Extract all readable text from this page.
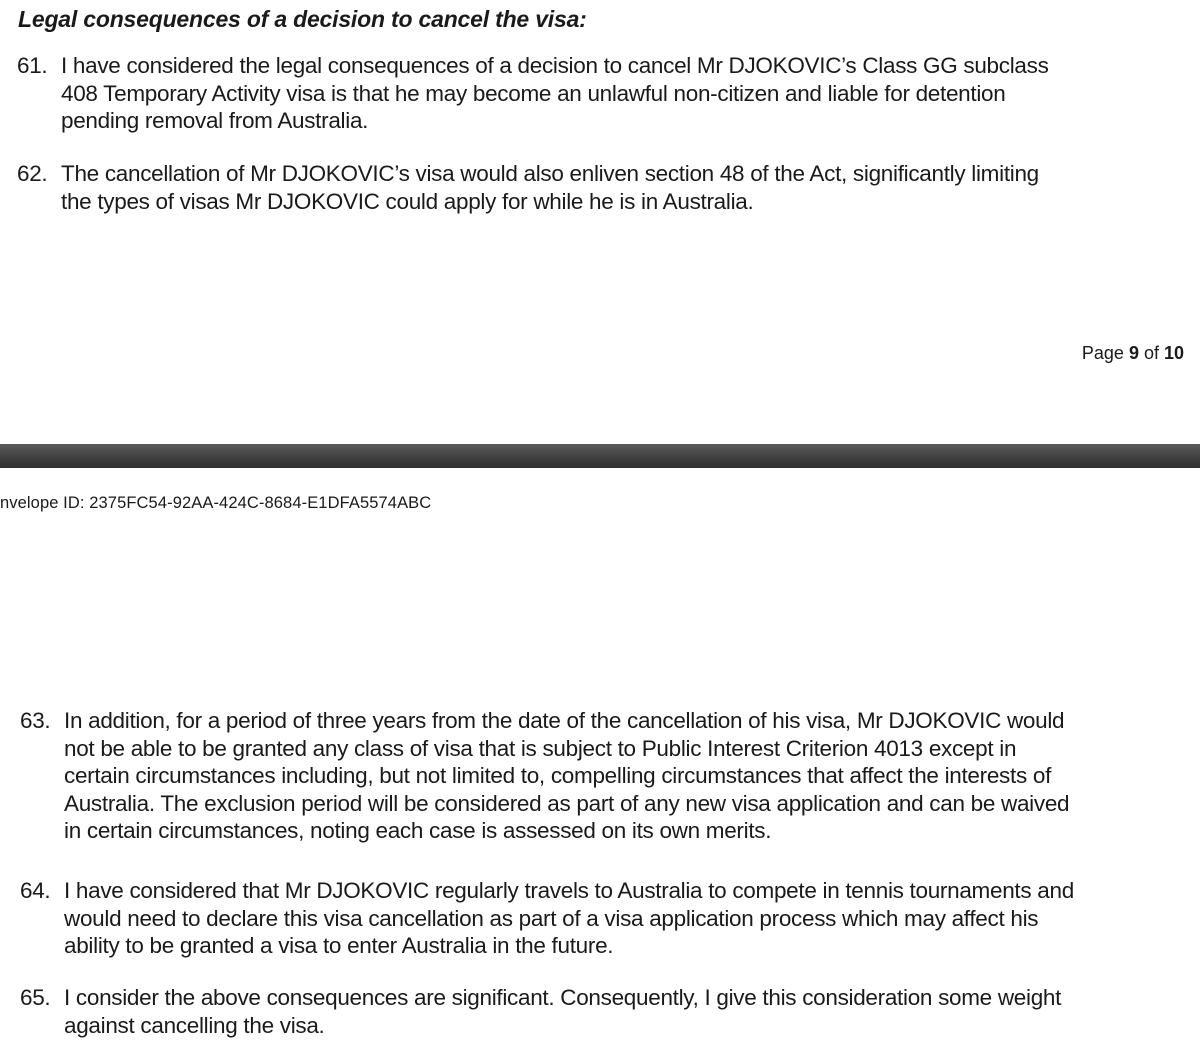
Legal consequences of a decision to cancel the visa:
61. I have considered the legal consequences of a decision to cancel Mr DJOKOVIC’s Class GG subclass
408 Temporary Activity visa is that he may become an unlawful non-citizen and liable for detention
pending removal from Australia.
62. The cancellation of Mr DJOKOVIC’s visa would also enliven section 48 of the Act, significantly limiting
the types of visas Mr DJOKOVIC could apply for while he is in Australia.
Page 9 of 10
nvelope ID: 2375FC54-92AA-424C-8684-E1DFA5574ABC
63. In addition, for a period of three years from the date of the cancellation of his visa, Mr DJOKOVIC would
not be able to be granted any class of visa that is subject to Public Interest Criterion 4013 except in
certain circumstances including, but not limited to, compelling circumstances that affect the interests of
Australia. The exclusion period will be considered as part of any new visa application and can be waived
in certain circumstances, noting each case is assessed on its own merits.
64. I have considered that Mr DJOKOVIC regularly travels to Australia to compete in tennis tournaments and
would need to declare this visa cancellation as part of a visa application process which may affect his
ability to be granted a visa to enter Australia in the future.
65. I consider the above consequences are significant. Consequently, I give this consideration some weight
against cancelling the visa.
